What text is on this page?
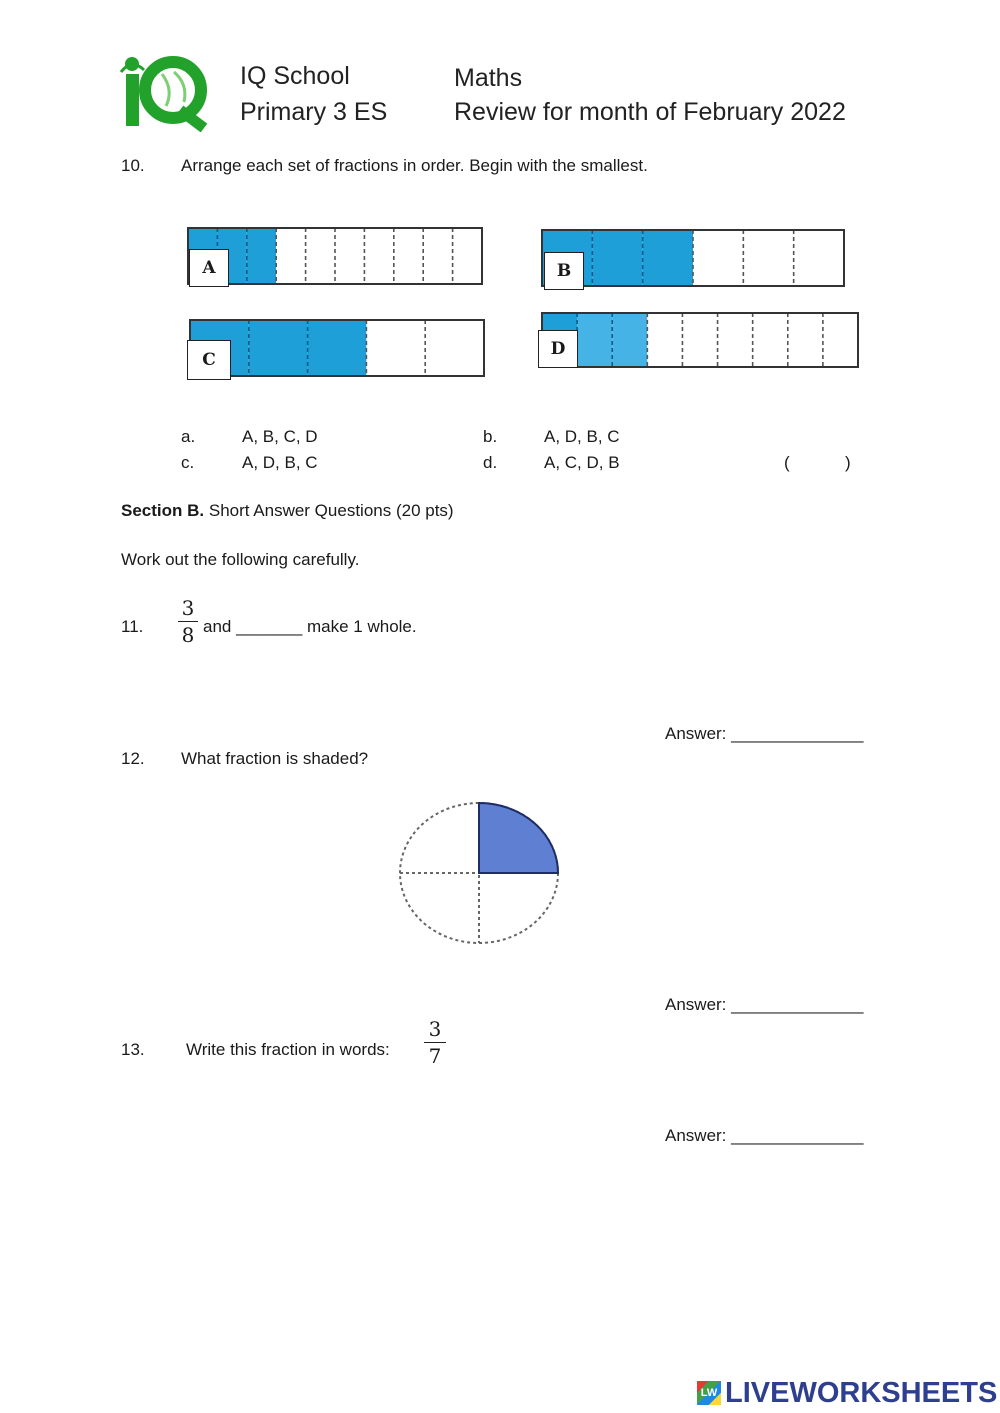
IQ School
Primary 3 ES
Maths
Review for month of February 2022
10. Arrange each set of fractions in order. Begin with the smallest.
A	B
C
D
a.	A, B, C, D	b.	A, D, B, C
c.	A, D, B, C	d.	A, C, D, B	(	)
Section B. Short Answer Questions (20 pts)
Work out the following carefully.
11.
3
8 and _______ make 1 whole.
Answer: ______________
12. What fraction is shaded?
Answer: ______________
13. Write this fraction in words:
3
7
Answer: ______________
LW LIVEWORKSHEETS
